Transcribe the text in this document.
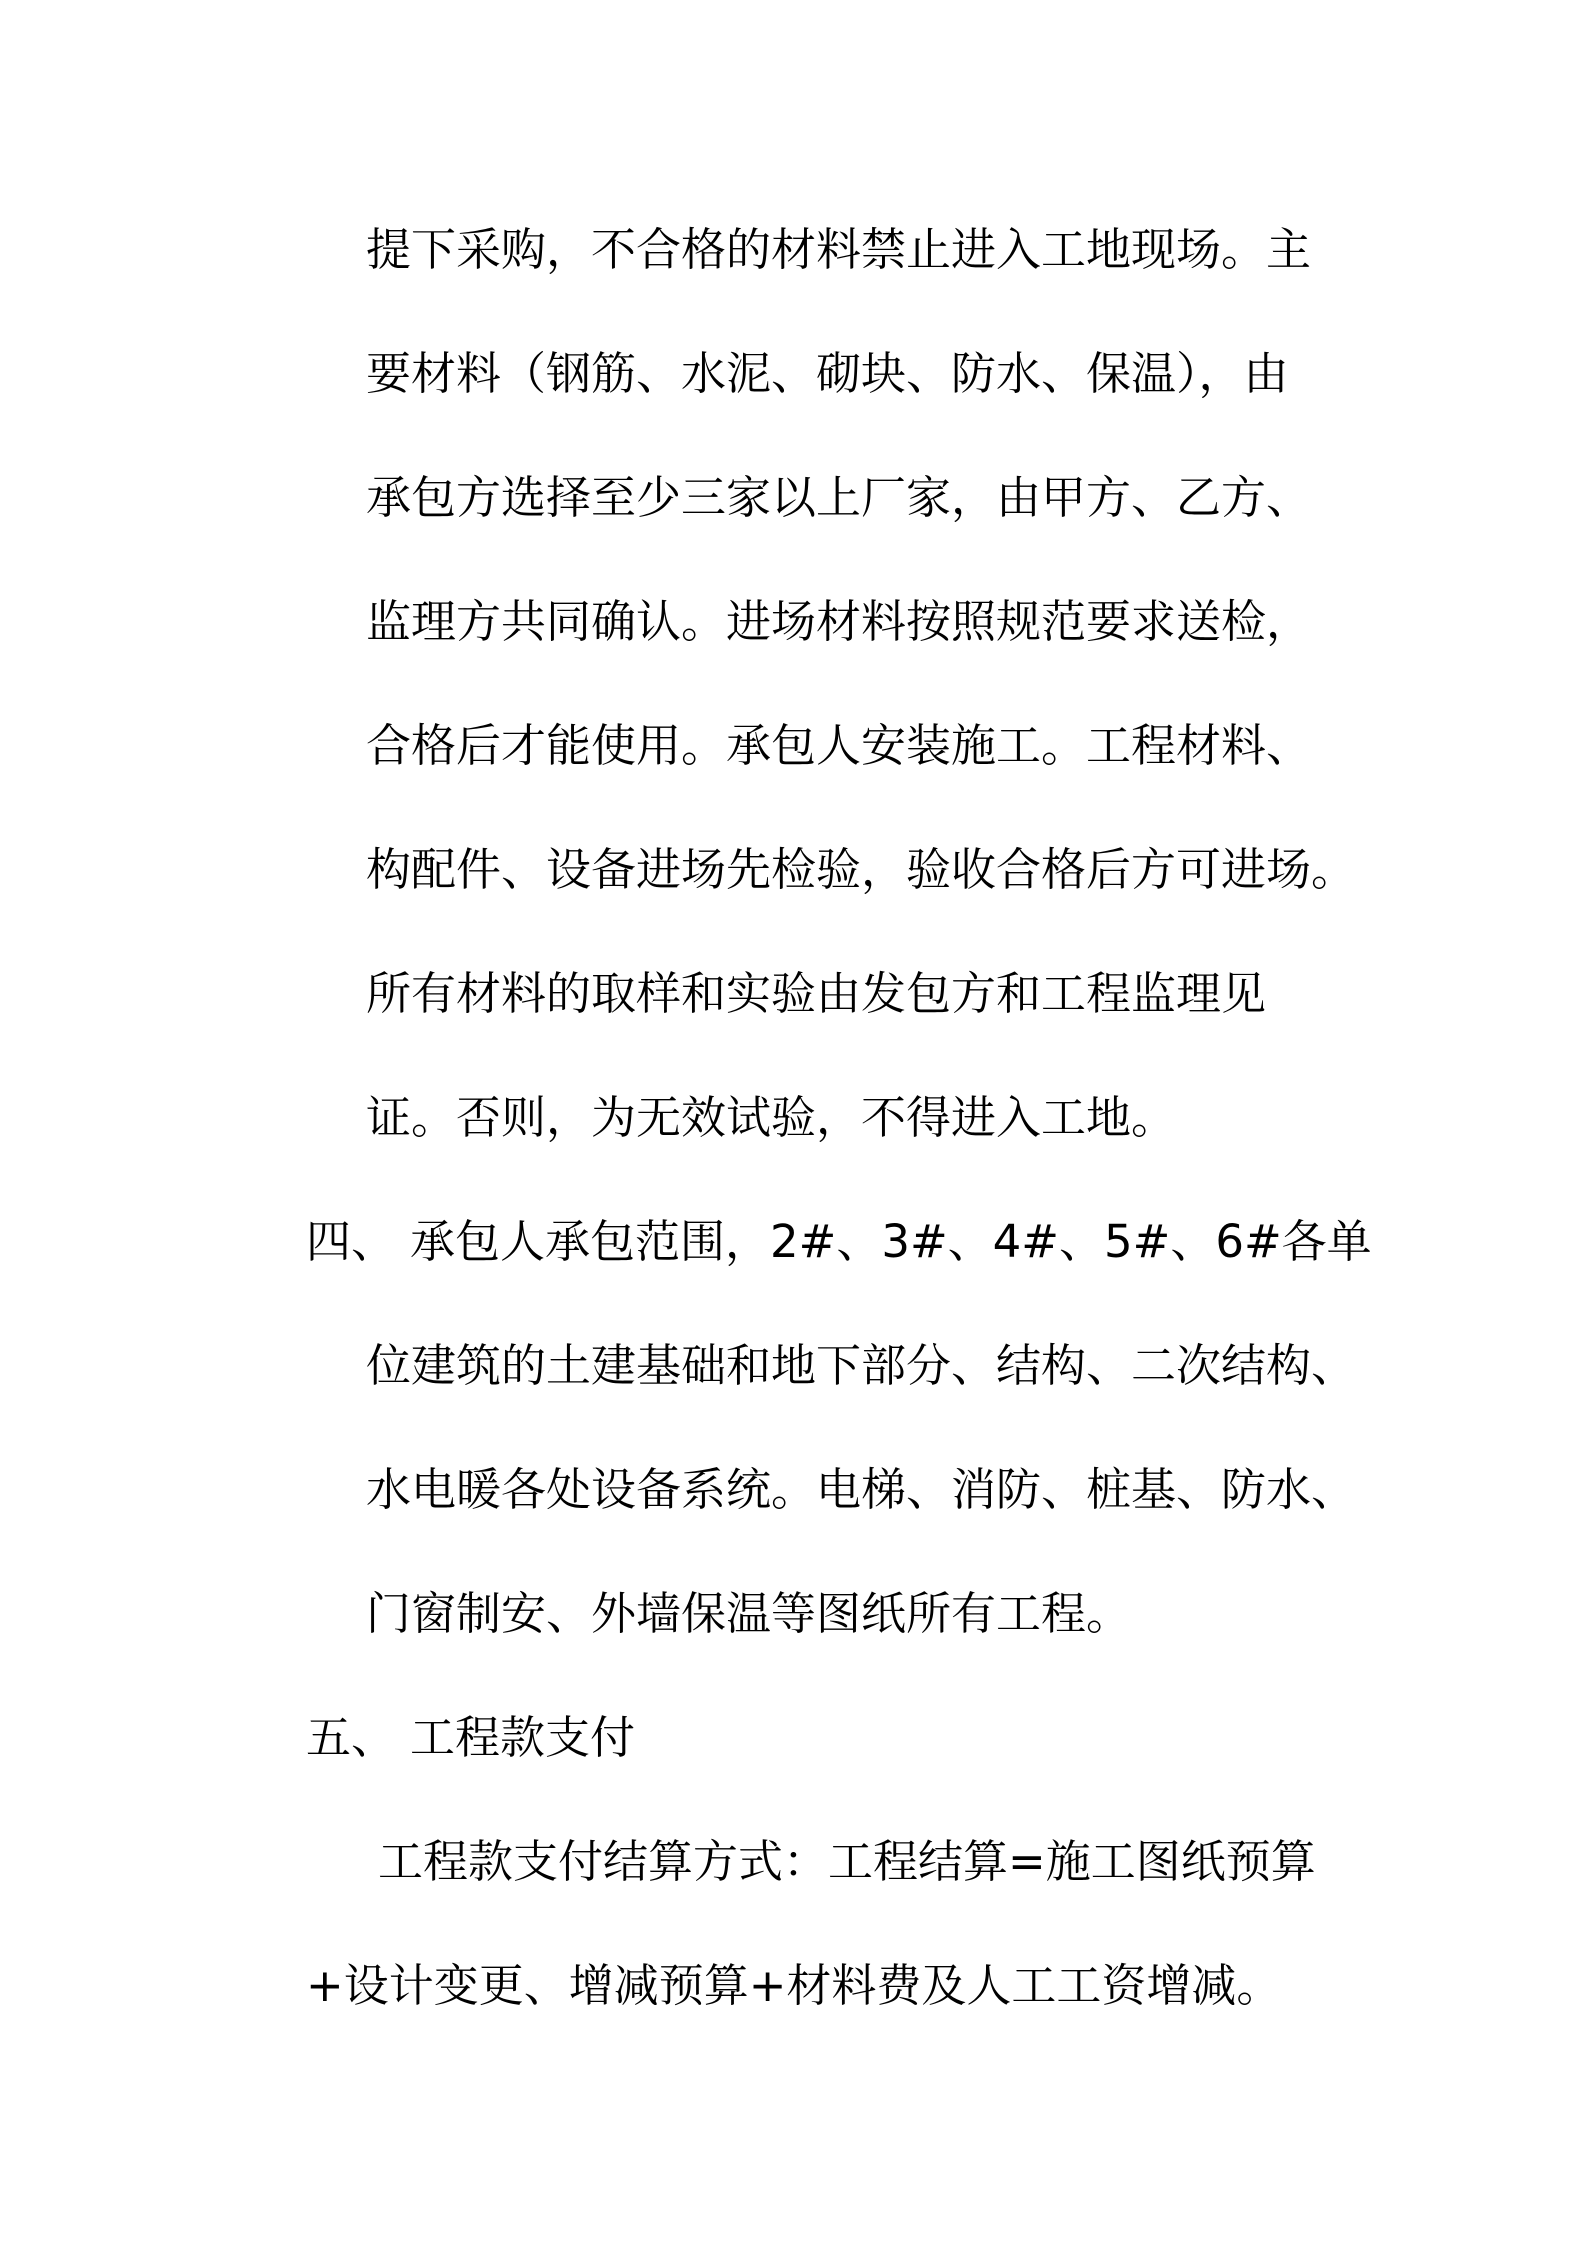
提下采购，不合格的材料禁止进入工地现场。主
要材料（钢筋、水泥、砌块、防水、保温），由
承包方选择至少三家以上厂家，由甲方、乙方、
监理方共同确认。进场材料按照规范要求送检，
合格后才能使用。承包人安装施工。工程材料、
构配件、设备进场先检验，验收合格后方可进场。
所有材料的取样和实验由发包方和工程监理见
证。否则，为无效试验，不得进入工地。
四、 承包人承包范围，2#、3#、4#、5#、6#各单
位建筑的土建基础和地下部分、结构、二次结构、
水电暖各处设备系统。电梯、消防、桩基、防水、
门窗制安、外墙保温等图纸所有工程。
五、 工程款支付
工程款支付结算方式：工程结算=施工图纸预算
+设计变更、增减预算+材料费及人工工资增减。
